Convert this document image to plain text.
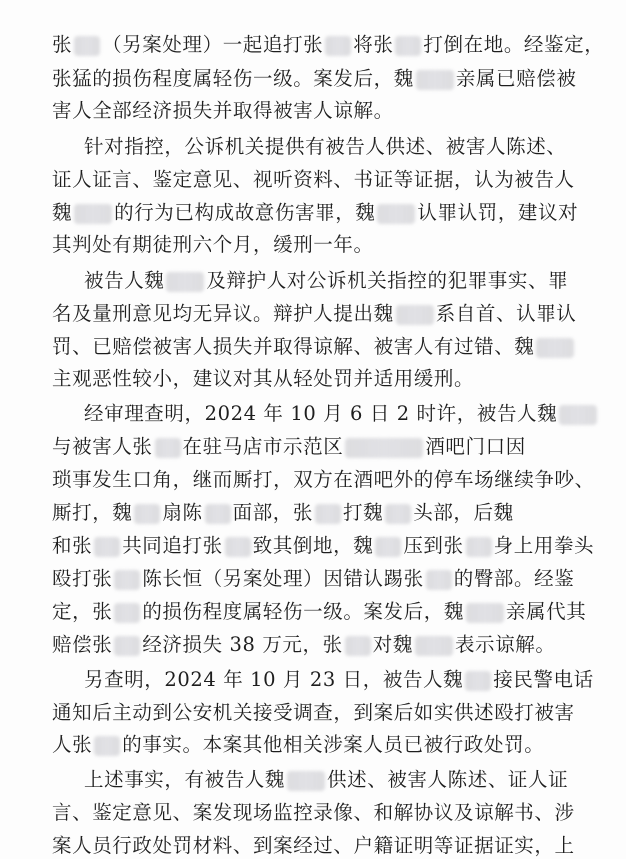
张 （另案处理）一起追打张 将张 打倒在地。经鉴定，
张猛的损伤程度属轻伤一级。案发后，魏 亲属已赔偿被
害人全部经济损失并取得被害人谅解。
针对指控，公诉机关提供有被告人供述、被害人陈述、
证人证言、鉴定意见、视听资料、书证等证据，认为被告人
魏 的行为已构成故意伤害罪，魏 认罪认罚，建议对
其判处有期徒刑六个月，缓刑一年。
被告人魏 及辩护人对公诉机关指控的犯罪事实、罪
名及量刑意见均无异议。辩护人提出魏 系自首、认罪认
罚、已赔偿被害人损失并取得谅解、被害人有过错、魏
主观恶性较小，建议对其从轻处罚并适用缓刑。
经审理查明，2024 年 10 月 6 日 2 时许，被告人魏
与被害人张 在驻马店市示范区	酒吧门口因
琐事发生口角，继而厮打，双方在酒吧外的停车场继续争吵、
厮打，魏 扇陈 面部，张 打魏 头部，后魏
和张 共同追打张 致其倒地，魏 压到张 身上用拳头
殴打张 陈长恒（另案处理）因错认踢张 的臀部。经鉴
定，张 的损伤程度属轻伤一级。案发后，魏 亲属代其
赔偿张 经济损失 38 万元，张 对魏 表示谅解。
另查明，2024 年 10 月 23 日，被告人魏 接民警电话
通知后主动到公安机关接受调查，到案后如实供述殴打被害
人张 的事实。本案其他相关涉案人员已被行政处罚。
上述事实，有被告人魏 供述、被害人陈述、证人证
言、鉴定意见、案发现场监控录像、和解协议及谅解书、涉
案人员行政处罚材料、到案经过、户籍证明等证据证实，上
